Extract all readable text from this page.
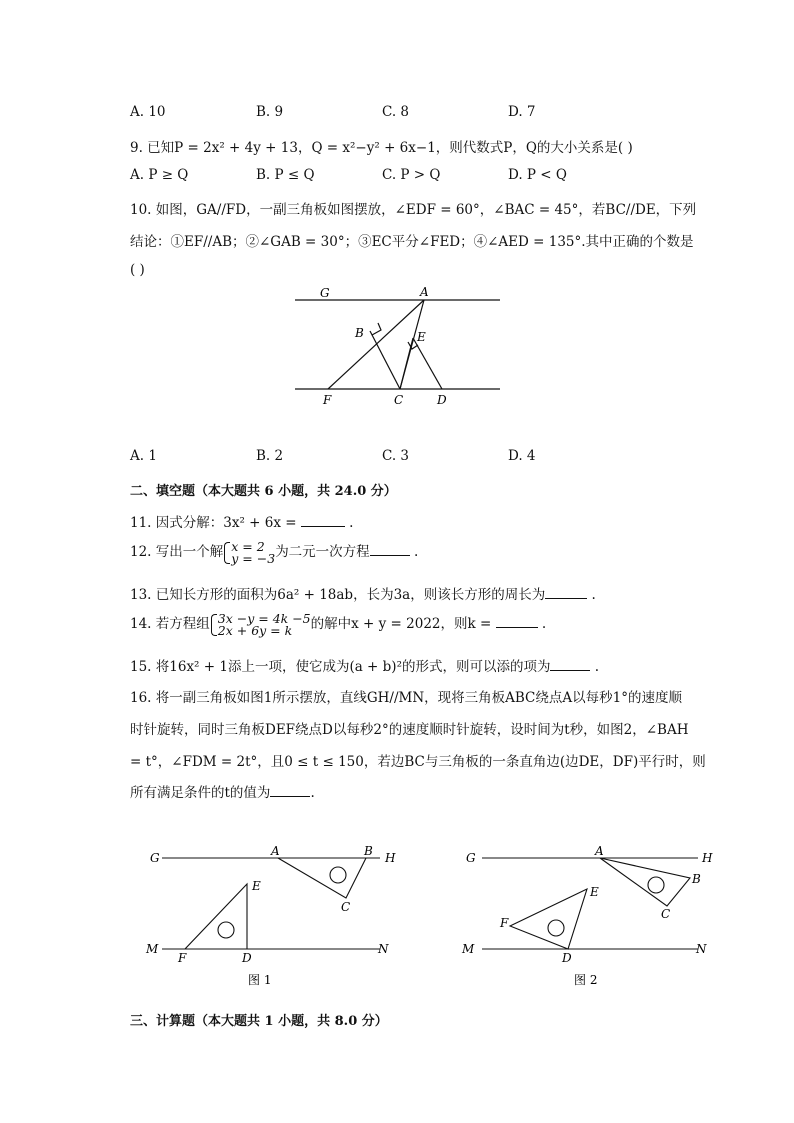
A. 10	B. 9	C. 8	D. 7
9. 已知P = 2x² + 4y + 13，Q = x²−y² + 6x−1，则代数式P，Q的大小关系是( )
A. P ≥ Q	B. P ≤ Q	C. P > Q	D. P < Q
10. 如图，GA//FD，一副三角板如图摆放，∠EDF = 60°，∠BAC = 45°，若BC//DE，下列
结论：①EF//AB；②∠GAB = 30°；③EC平分∠FED；④∠AED = 135°.其中正确的个数是
( )
G	A
B	E
F	C	D
A. 1	B. 2	C. 3	D. 4
二、填空题（本大题共 6 小题，共 24.0 分）
11. 因式分解：3x² + 6x =	.
12. 写出一个解 x = 2
y = −3为二元一次方程	.
13. 已知长方形的面积为6a² + 18ab，长为3a，则该长方形的周长为	.
14. 若方程组 3x −y = 4k −5
2x + 6y = k 的解中x + y = 2022，则k =	.
15. 将16x² + 1添上一项，使它成为(a + b)²的形式，则可以添的项为	.
16. 将一副三角板如图1所示摆放，直线GH//MN，现将三角板ABC绕点A以每秒1°的速度顺
时针旋转，同时三角板DEF绕点D以每秒2°的速度顺时针旋转，设时间为t秒，如图2，∠BAH
= t°，∠FDM = 2t°，且0 ≤ t ≤ 150，若边BC与三角板的一条直角边(边DE，DF)平行时，则
所有满足条件的t的值为	.
G	A	B H
E
C
M
F	D
N
图 1
G	A	H
E
B
F
C
M
D
N
图 2
三、计算题（本大题共 1 小题，共 8.0 分）
